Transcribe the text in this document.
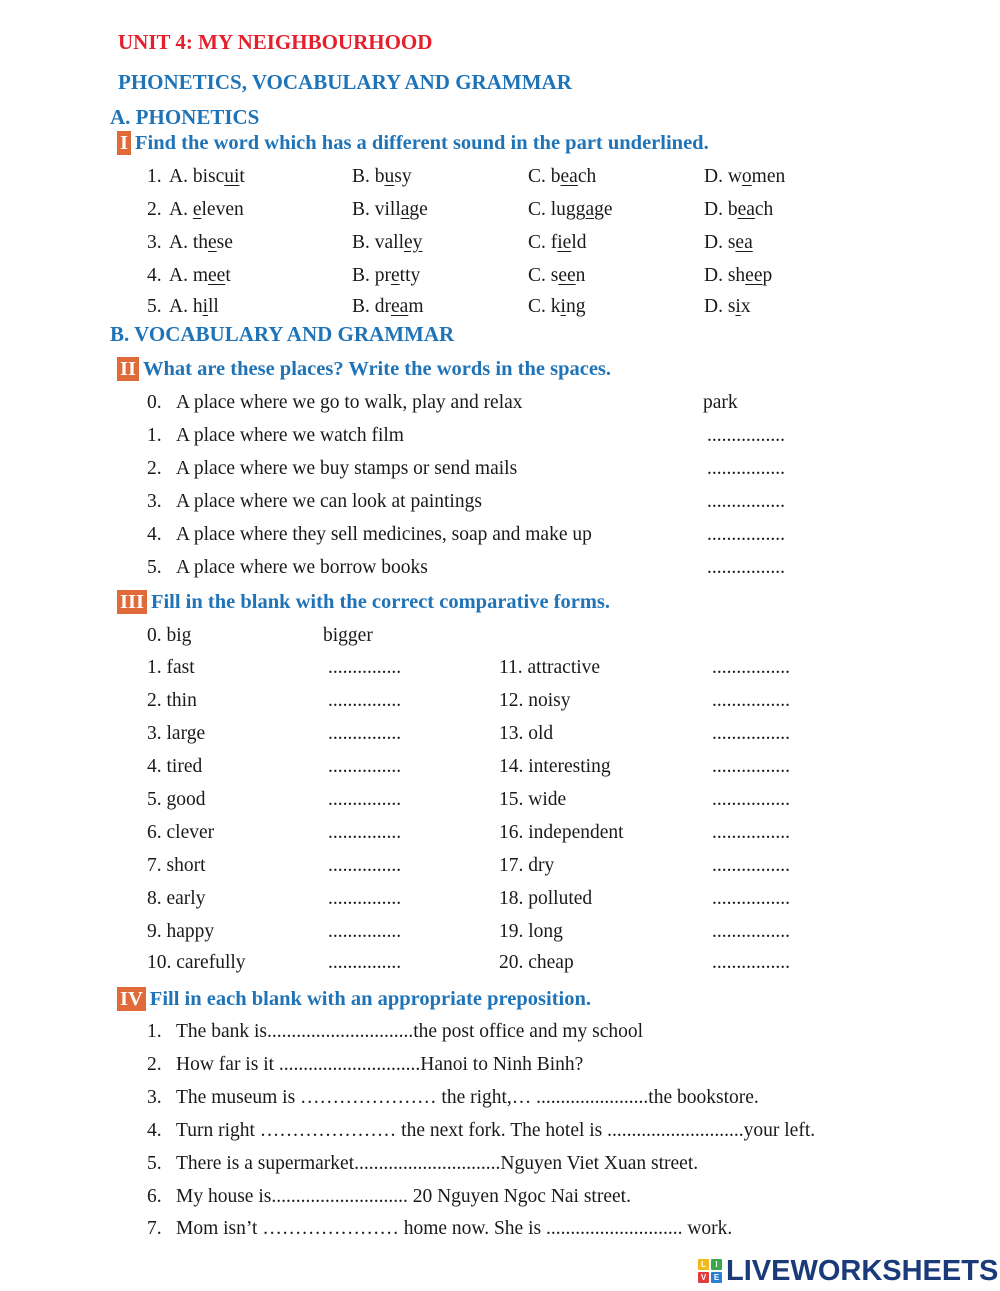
UNIT 4: MY NEIGHBOURHOOD
PHONETICS, VOCABULARY AND GRAMMAR
A. PHONETICS
I Find the word which has a different sound in the part underlined.
1. A. biscuit	B. busy	C. beach	D. women
2. A. eleven	B. village	C. luggage	D. beach
3. A. these	B. valley	C. field	D. sea
4. A. meet	B. pretty	C. seen	D. sheep
5. A. hill	B. dream	C. king	D. six
B. VOCABULARY AND GRAMMAR
II What are these places? Write the words in the spaces.
0. A place where we go to walk, play and relax	park
1. A place where we watch film	................
2. A place where we buy stamps or send mails	................
3. A place where we can look at paintings	................
4. A place where they sell medicines, soap and make up	................
5. A place where we borrow books	................
III Fill in the blank with the correct comparative forms.
0. big	bigger
1. fast	...............
2. thin	...............
3. large	...............
4. tired	...............
5. good	...............
6. clever	...............
7. short	...............
8. early	...............
9. happy	...............
10. carefully	...............
11. attractive	................
12. noisy	................
13. old	................
14. interesting	................
15. wide	................
16. independent	................
17. dry	................
18. polluted	................
19. long	................
20. cheap	................
IV Fill in each blank with an appropriate preposition.
1. The bank is..............................the post office and my school
2. How far is it .............................Hanoi to Ninh Binh?
3. The museum is ………………… the right,… .......................the bookstore.
4. Turn right ………………… the next fork. The hotel is ............................your left.
5. There is a supermarket..............................Nguyen Viet Xuan street.
6. My house is............................ 20 Nguyen Ngoc Nai street.
7. Mom isn’t ………………… home now. She is ............................ work.
L	I
V E LIVEWORKSHEETS
